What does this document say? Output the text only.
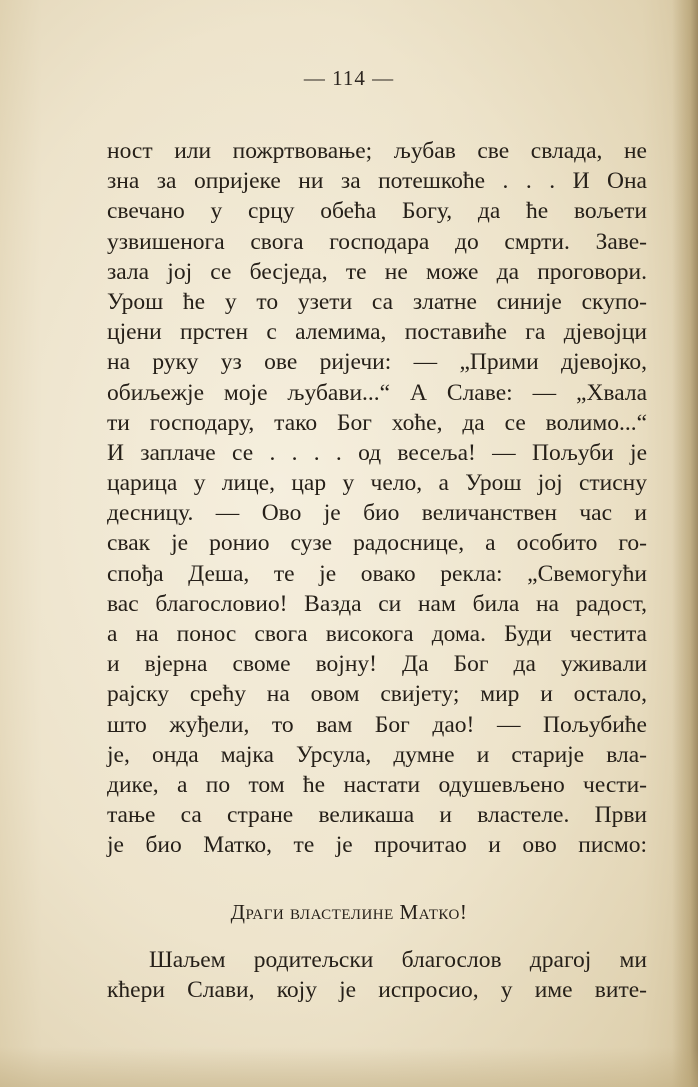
— 114 —
ност или пожртвовање; љубав све свлада, не
зна за опријеке ни за потешкоће . . . И Она
свечано у срцу обећа Богу, да ће вољети
узвишенога свога господара до смрти. Заве-
зала јој се бесједа, те не може да проговори.
Урош ће у то узети са златне синије скупо-
цјени прстен с алемима, поставиће га дјевојци
на руку уз ове ријечи: — „Прими дјевојко,
обиљежје моје љубави...“ А Славе: — „Хвала
ти господару, тако Бог хоће, да се волимо...“
И заплаче се . . . . од весеља! — Пољуби је
царица у лице, цар у чело, а Урош јој стисну
десницу. — Ово је био величанствен час и
свак је ронио сузе радоснице, а особито го-
спођа Деша, те је овако рекла: „Свемогући
вас благословио! Вазда си нам била на радост,
а на понос свога високога дома. Буди честита
и вјерна своме војну! Да Бог да уживали
рајску срећу на овом свијету; мир и остало,
што жуђели, то вам Бог дао! — Пољубиће
је, онда мајка Урсула, думне и старије вла-
дике, а по том ће настати одушевљено чести-
тање са стране великаша и властеле. Први
је био Матко, те је прочитао и ово писмо:
Драги властелине Матко!
Шаљем родитељски благослов драгој ми
кћери Слави, коју је испросио, у име вите-
